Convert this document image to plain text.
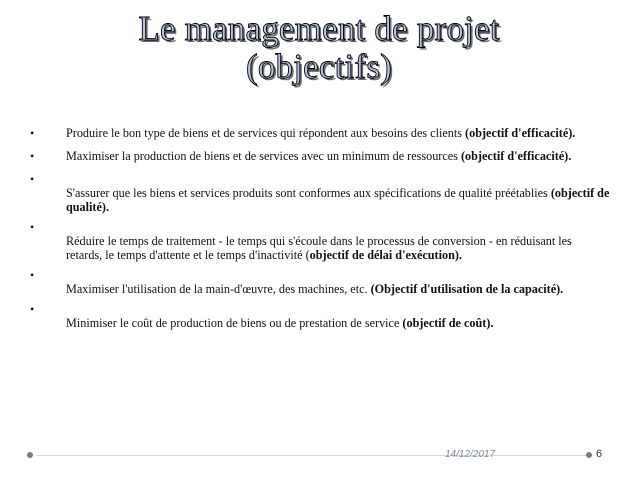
Le management de projet
(objectifs)
•	Produire le bon type de biens et de services qui répondent aux besoins des clients (objectif d'efficacité).
•	Maximiser la production de biens et de services avec un minimum de ressources (objectif d'efficacité).
•
S'assurer que les biens et services produits sont conformes aux spécifications de qualité préétablies (objectif de qualité).
•
Réduire le temps de traitement - le temps qui s'écoule dans le processus de conversion - en réduisant les retards, le temps d'attente et le temps d'inactivité (objectif de délai d'exécution).
•
Maximiser l'utilisation de la main-d'œuvre, des machines, etc. (Objectif d'utilisation de la capacité).
•
Minimiser le coût de production de biens ou de prestation de service (objectif de coût).
14/12/2017	6
